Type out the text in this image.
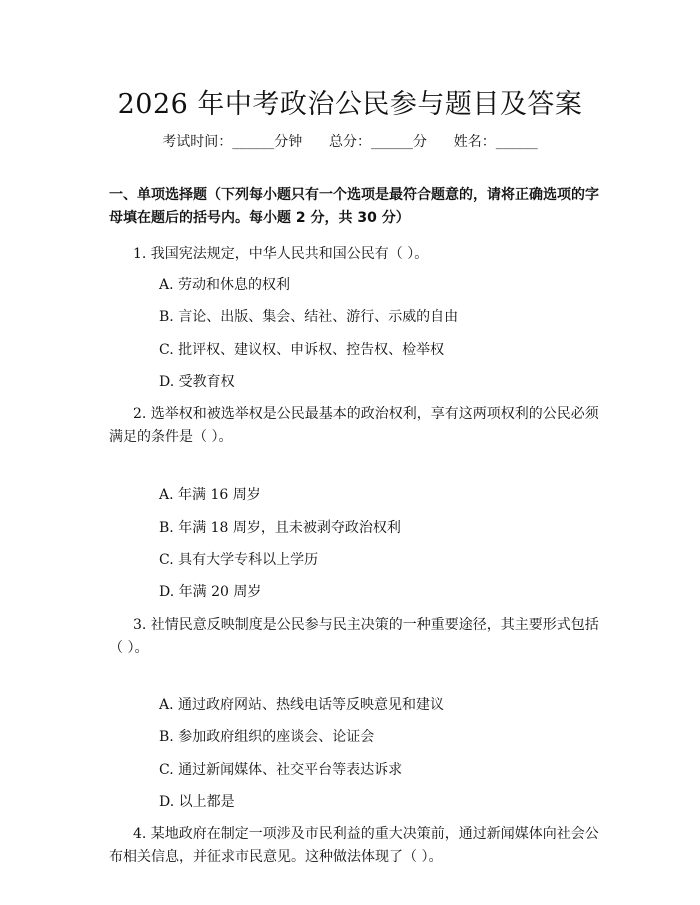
2026 年中考政治公民参与题目及答案
考试时间：______分钟      总分：______分      姓名：______
一、单项选择题（下列每小题只有一个选项是最符合题意的，请将正确选项的字母填在题后的括号内。每小题 2 分，共 30 分）
1. 我国宪法规定，中华人民共和国公民有（ ）。
A. 劳动和休息的权利
B. 言论、出版、集会、结社、游行、示威的自由
C. 批评权、建议权、申诉权、控告权、检举权
D. 受教育权
2. 选举权和被选举权是公民最基本的政治权利，享有这两项权利的公民必须满足的条件是（ ）。
A. 年满 16 周岁
B. 年满 18 周岁，且未被剥夺政治权利
C. 具有大学专科以上学历
D. 年满 20 周岁
3. 社情民意反映制度是公民参与民主决策的一种重要途径，其主要形式包括（ ）。
A. 通过政府网站、热线电话等反映意见和建议
B. 参加政府组织的座谈会、论证会
C. 通过新闻媒体、社交平台等表达诉求
D. 以上都是
4. 某地政府在制定一项涉及市民利益的重大决策前，通过新闻媒体向社会公布相关信息，并征求市民意见。这种做法体现了（ ）。
